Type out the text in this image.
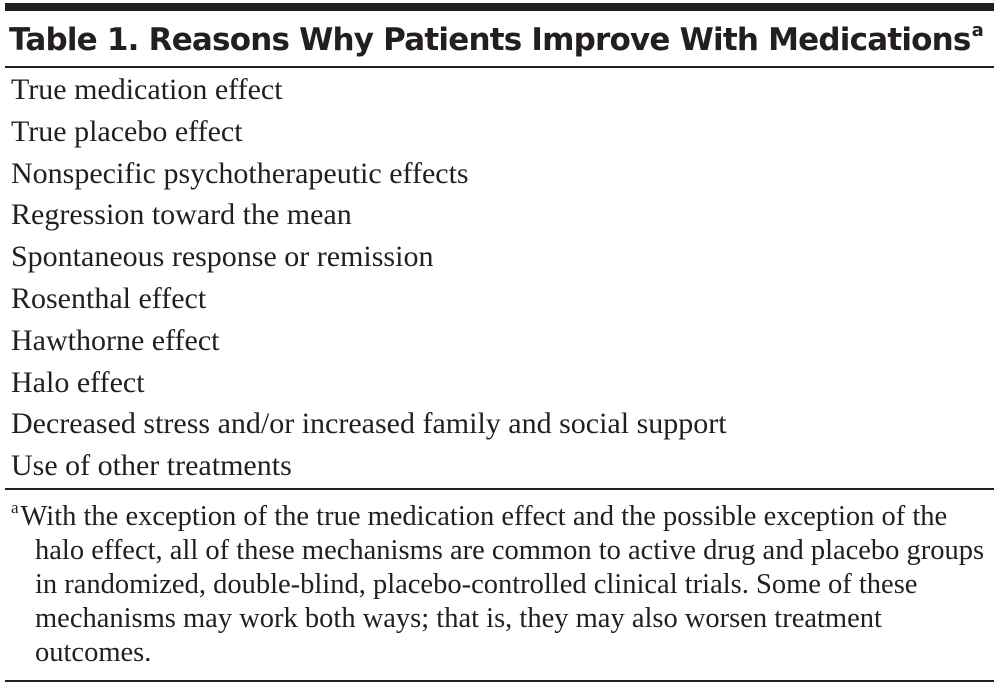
Table 1. Reasons Why Patients Improve With Medications$^a$
True medication effect
True placebo effect
Nonspecific psychotherapeutic effects
Regression toward the mean
Spontaneous response or remission
Rosenthal effect
Hawthorne effect
Halo effect
Decreased stress and/or increased family and social support
Use of other treatments

$^a$With the exception of the true medication effect and the possible exception of the halo effect, all of these mechanisms are common to active drug and placebo groups in randomized, double-blind, placebo-controlled clinical trials. Some of these mechanisms may work both ways; that is, they may also worsen treatment outcomes.
